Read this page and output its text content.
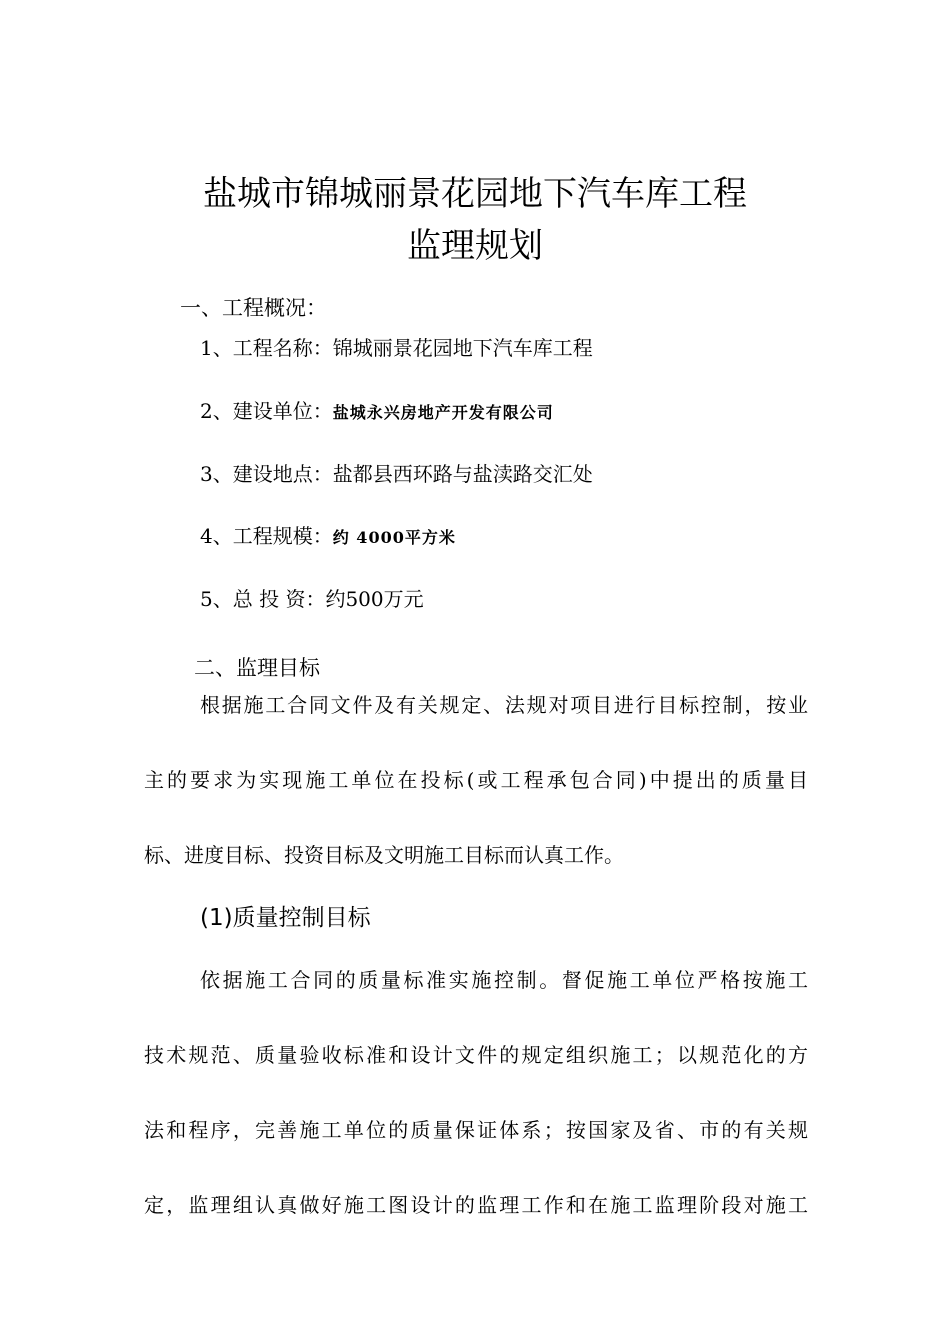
盐城市锦城丽景花园地下汽车库工程
监理规划
一、工程概况：
1、工程名称：锦城丽景花园地下汽车库工程
2、建设单位：盐城永兴房地产开发有限公司
3、建设地点：盐都县西环路与盐渎路交汇处
4、工程规模：约 4000平方米
5、总 投 资：约500万元
二、监理目标
根据施工合同文件及有关规定、法规对项目进行目标控制，按业
主的要求为实现施工单位在投标(或工程承包合同)中提出的质量目
标、进度目标、投资目标及文明施工目标而认真工作。
(1)质量控制目标
依据施工合同的质量标准实施控制。督促施工单位严格按施工
技术规范、质量验收标准和设计文件的规定组织施工；以规范化的方
法和程序，完善施工单位的质量保证体系；按国家及省、市的有关规
定，监理组认真做好施工图设计的监理工作和在施工监理阶段对施工
